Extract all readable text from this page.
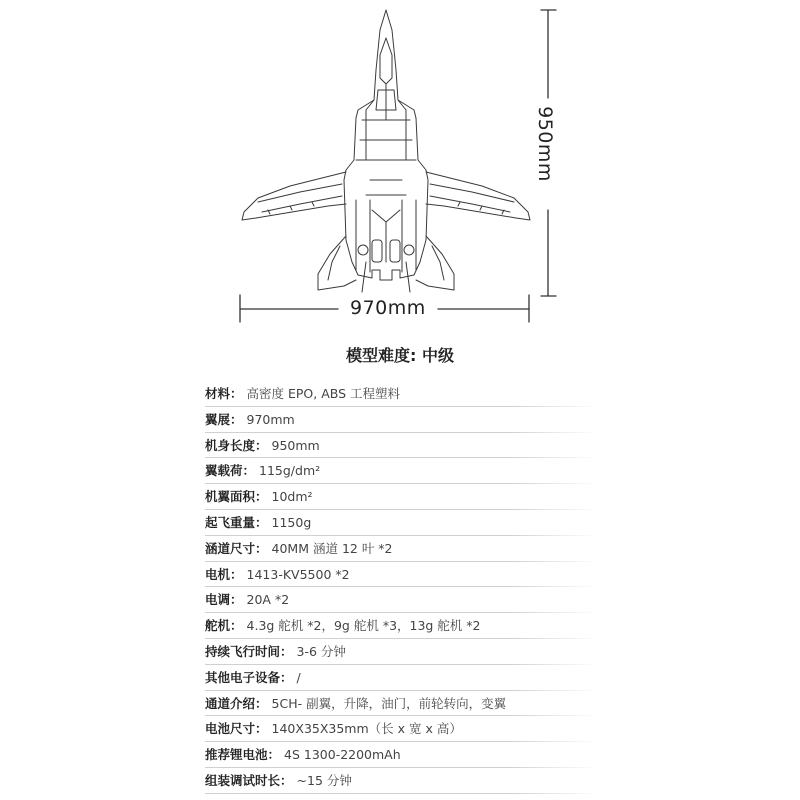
970mm
950mm
模型难度: 中级
材料： 高密度 EPO, ABS 工程塑料
翼展： 970mm
机身长度： 950mm
翼载荷： 115g/dm²
机翼面积： 10dm²
起飞重量： 1150g
涵道尺寸： 40MM 涵道 12 叶 *2
电机： 1413-KV5500 *2
电调： 20A *2
舵机： 4.3g 舵机 *2，9g 舵机 *3，13g 舵机 *2
持续飞行时间： 3-6 分钟
其他电子设备： /
通道介绍： 5CH- 副翼，升降，油门，前轮转向，变翼
电池尺寸： 140X35X35mm（长 x 宽 x 高）
推荐锂电池： 4S 1300-2200mAh
组装调试时长： ~15 分钟
